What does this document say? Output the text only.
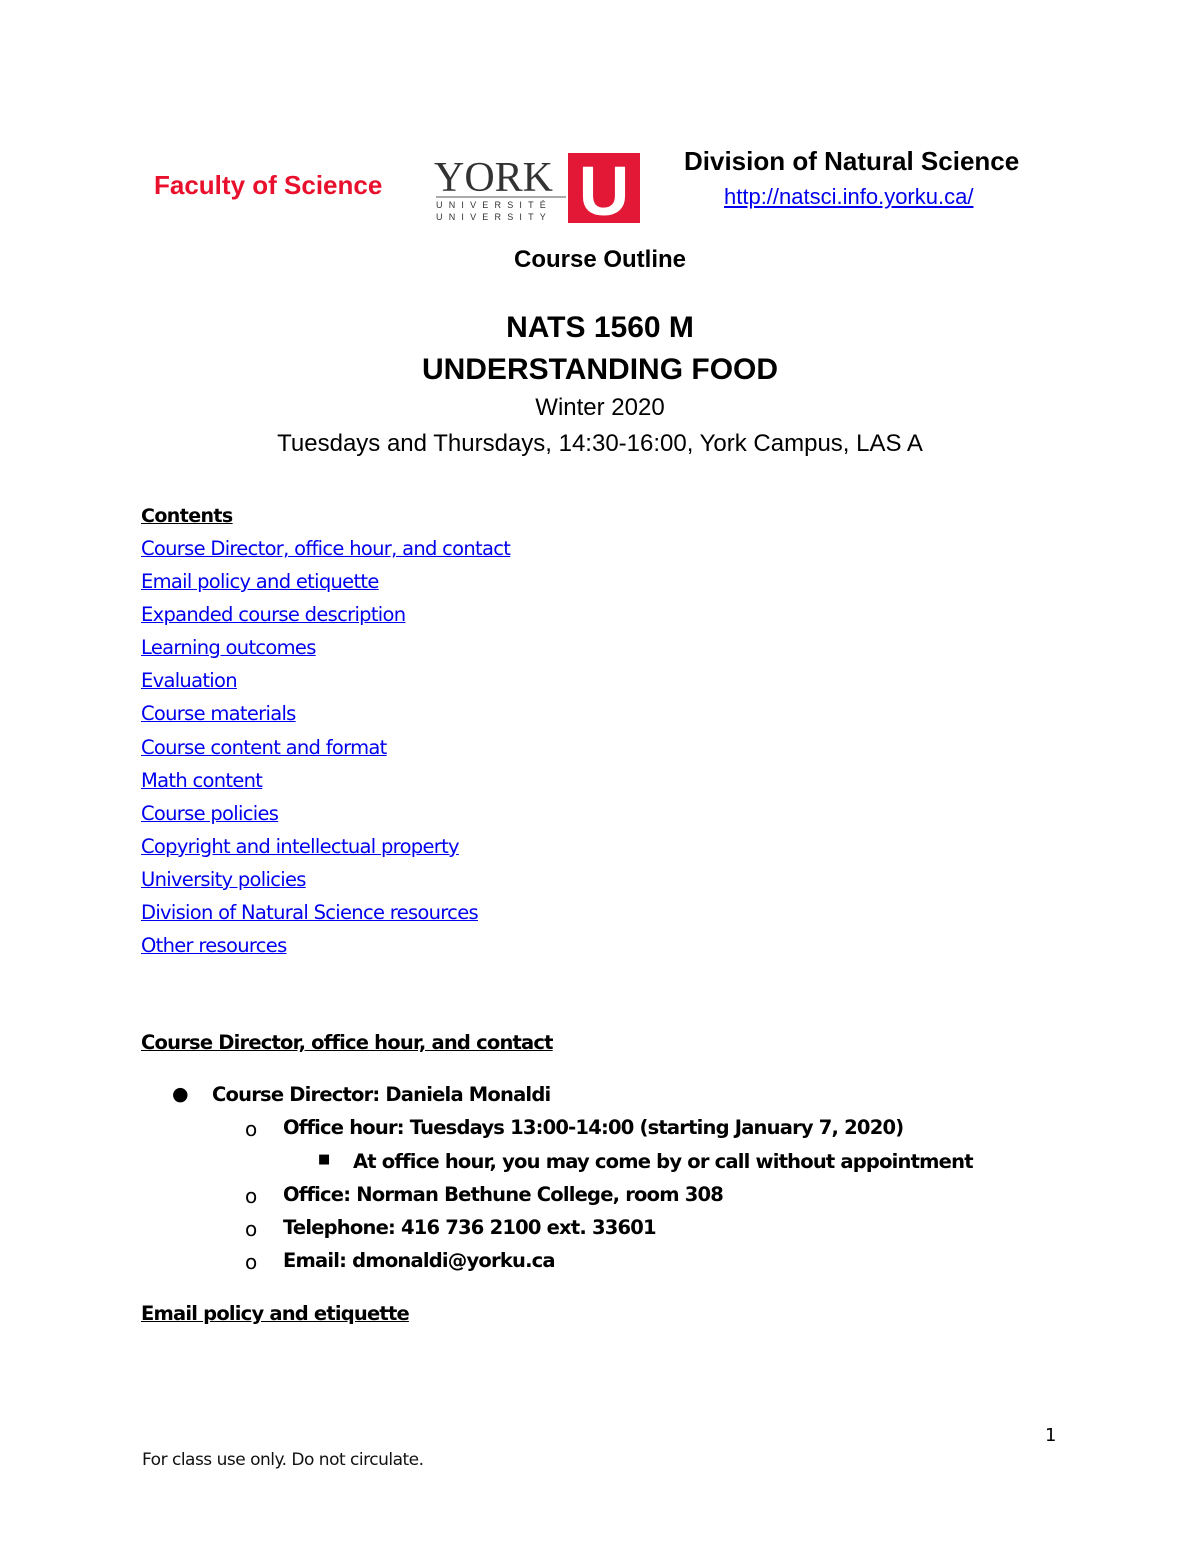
Faculty of Science YORK
UNIVERSITÉ
UNIVERSITY U Division of Natural Science
http://natsci.info.yorku.ca/
Course Outline
NATS 1560 M
UNDERSTANDING FOOD
Winter 2020
Tuesdays and Thursdays, 14:30-16:00, York Campus, LAS A
Contents
Course Director, office hour, and contact
Email policy and etiquette
Expanded course description
Learning outcomes
Evaluation
Course materials
Course content and format
Math content
Course policies
Copyright and intellectual property
University policies
Division of Natural Science resources
Other resources
Course Director, office hour, and contact
● Course Director: Daniela Monaldi
o Office hour: Tuesdays 13:00-14:00 (starting January 7, 2020)
■ At office hour, you may come by or call without appointment
o Office: Norman Bethune College, room 308
o Telephone: 416 736 2100 ext. 33601
o Email: dmonaldi@yorku.ca
Email policy and etiquette
1
For class use only. Do not circulate.
